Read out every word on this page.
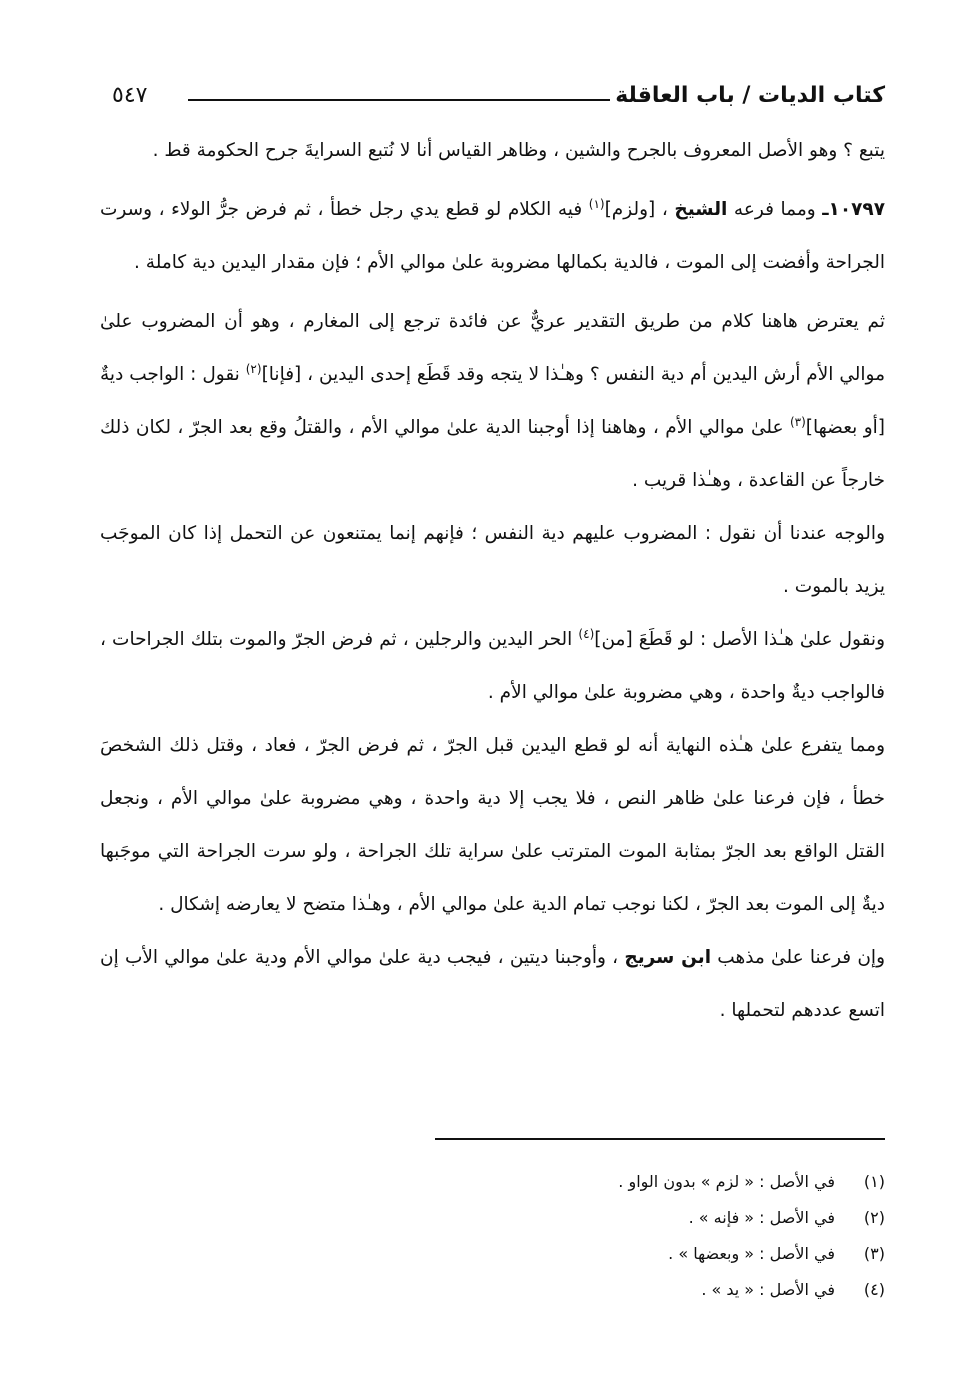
كتاب الديات / باب العاقلة
٥٤٧

يتبع ؟ وهو الأصل المعروف بالجرح والشين ، وظاهر القياس أنا لا نُتبع السرايةَ جرح الحكومة قط .

١٠٧٩٧ـ ومما فرعه الشيخ ، [ولزم]$^{(١)}$ فيه الكلام لو قطع يدي رجل خطأ ، ثم فرض جرُّ الولاء ، وسرت الجراحة وأفضت إلى الموت ، فالدية بكمالها مضروبة علىٰ موالي الأم ؛ فإن مقدار اليدين دية كاملة .

ثم يعترض هاهنا كلام من طريق التقدير عريٌّ عن فائدة ترجع إلى المغارم ، وهو أن المضروب علىٰ موالي الأم أرش اليدين أم دية النفس ؟ وهـٰذا لا يتجه وقد قَطَع إحدى اليدين ، [فإنا]$^{(٢)}$ نقول : الواجب ديةٌ [أو بعضها]$^{(٣)}$ علىٰ موالي الأم ، وهاهنا إذا أوجبنا الدية علىٰ موالي الأم ، والقتلُ وقع بعد الجرّ ، لكان ذلك خارجاً عن القاعدة ، وهـٰذا قريب .

والوجه عندنا أن نقول : المضروب عليهم دية النفس ؛ فإنهم إنما يمتنعون عن التحمل إذا كان الموجَب يزيد بالموت .

ونقول علىٰ هـٰذا الأصل : لو قَطَعَ [من]$^{(٤)}$ الحر اليدين والرجلين ، ثم فرض الجرّ والموت بتلك الجراحات ، فالواجب ديةٌ واحدة ، وهي مضروبة علىٰ موالي الأم .

ومما يتفرع علىٰ هـٰذه النهاية أنه لو قطع اليدين قبل الجرّ ، ثم فرض الجرّ ، فعاد ، وقتل ذلك الشخصَ خطأ ، فإن فرعنا علىٰ ظاهر النص ، فلا يجب إلا دية واحدة ، وهي مضروبة علىٰ موالي الأم ، ونجعل القتل الواقع بعد الجرّ بمثابة الموت المترتب علىٰ سراية تلك الجراحة ، ولو سرت الجراحة التي موجَبها ديةٌ إلى الموت بعد الجرّ ، لكنا نوجب تمام الدية علىٰ موالي الأم ، وهـٰذا متضح لا يعارضه إشكال .

وإن فرعنا علىٰ مذهب ابن سريج ، وأوجبنا ديتين ، فيجب دية علىٰ موالي الأم ودية علىٰ موالي الأب إن اتسع عددهم لتحملها .

(١)في الأصل : « لزم » بدون الواو .
(٢)في الأصل : « فإنه » .
(٣)في الأصل : « وبعضها » .
(٤)في الأصل : « يد » .
